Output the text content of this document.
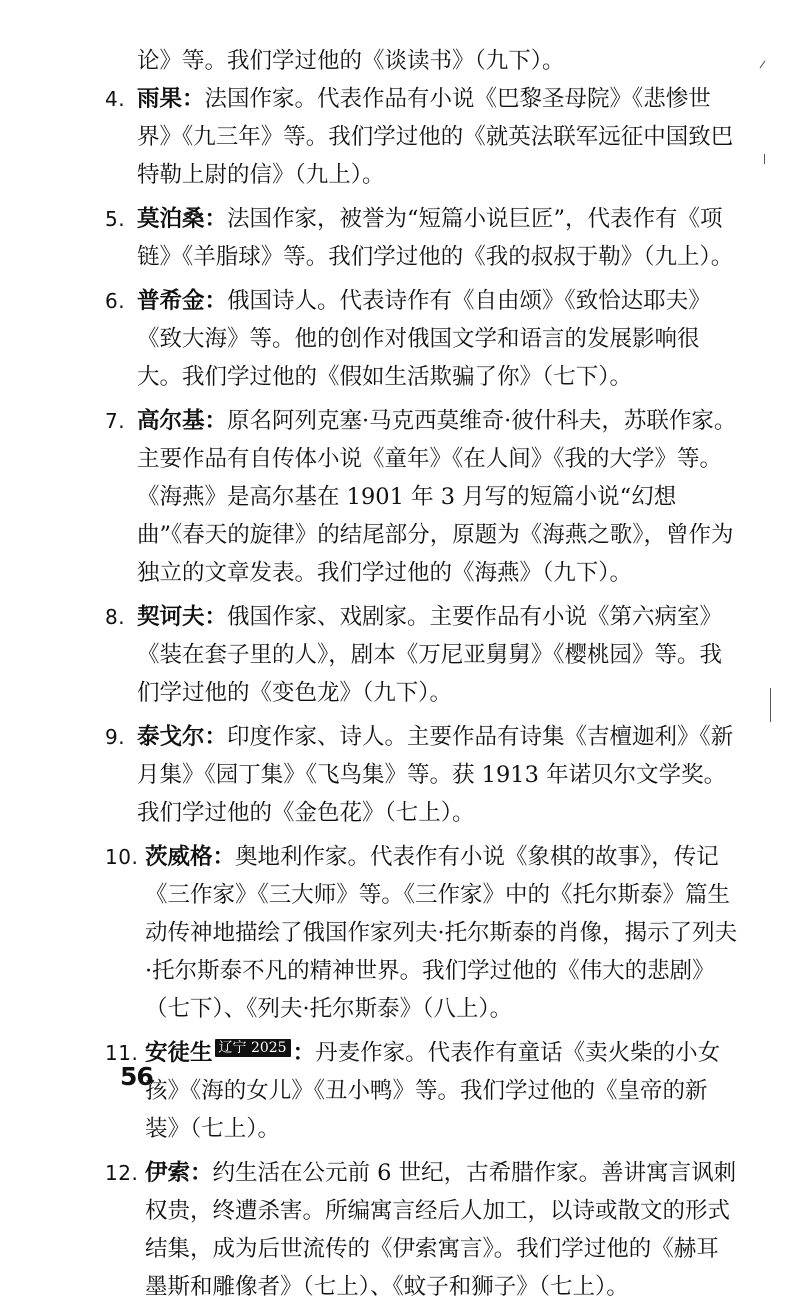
论》等。我们学过他的《谈读书》（九下）。
4. 雨果：法国作家。代表作品有小说《巴黎圣母院》《悲惨世界》《九三年》等。我们学过他的《就英法联军远征中国致巴特勒上尉的信》（九上）。
5. 莫泊桑：法国作家，被誉为“短篇小说巨匠”，代表作有《项链》《羊脂球》等。我们学过他的《我的叔叔于勒》（九上）。
6. 普希金：俄国诗人。代表诗作有《自由颂》《致恰达耶夫》《致大海》等。他的创作对俄国文学和语言的发展影响很大。我们学过他的《假如生活欺骗了你》（七下）。
7. 高尔基：原名阿列克塞·马克西莫维奇·彼什科夫，苏联作家。主要作品有自传体小说《童年》《在人间》《我的大学》等。《海燕》是高尔基在 1901 年 3 月写的短篇小说“幻想曲”《春天的旋律》的结尾部分，原题为《海燕之歌》，曾作为独立的文章发表。我们学过他的《海燕》（九下）。
8. 契诃夫：俄国作家、戏剧家。主要作品有小说《第六病室》《装在套子里的人》，剧本《万尼亚舅舅》《樱桃园》等。我们学过他的《变色龙》（九下）。
9. 泰戈尔：印度作家、诗人。主要作品有诗集《吉檀迦利》《新月集》《园丁集》《飞鸟集》等。获 1913 年诺贝尔文学奖。我们学过他的《金色花》（七上）。
10. 茨威格：奥地利作家。代表作有小说《象棋的故事》，传记《三作家》《三大师》等。《三作家》中的《托尔斯泰》篇生动传神地描绘了俄国作家列夫·托尔斯泰的肖像，揭示了列夫·托尔斯泰不凡的精神世界。我们学过他的《伟大的悲剧》（七下）、《列夫·托尔斯泰》（八上）。
11. 安徒生 辽宁 2025 ：丹麦作家。代表作有童话《卖火柴的小女孩》《海的女儿》《丑小鸭》等。我们学过他的《皇帝的新装》（七上）。
12. 伊索：约生活在公元前 6 世纪，古希腊作家。善讲寓言讽刺权贵，终遭杀害。所编寓言经后人加工，以诗或散文的形式结集，成为后世流传的《伊索寓言》。我们学过他的《赫耳墨斯和雕像者》（七上）、《蚊子和狮子》（七上）。
56
